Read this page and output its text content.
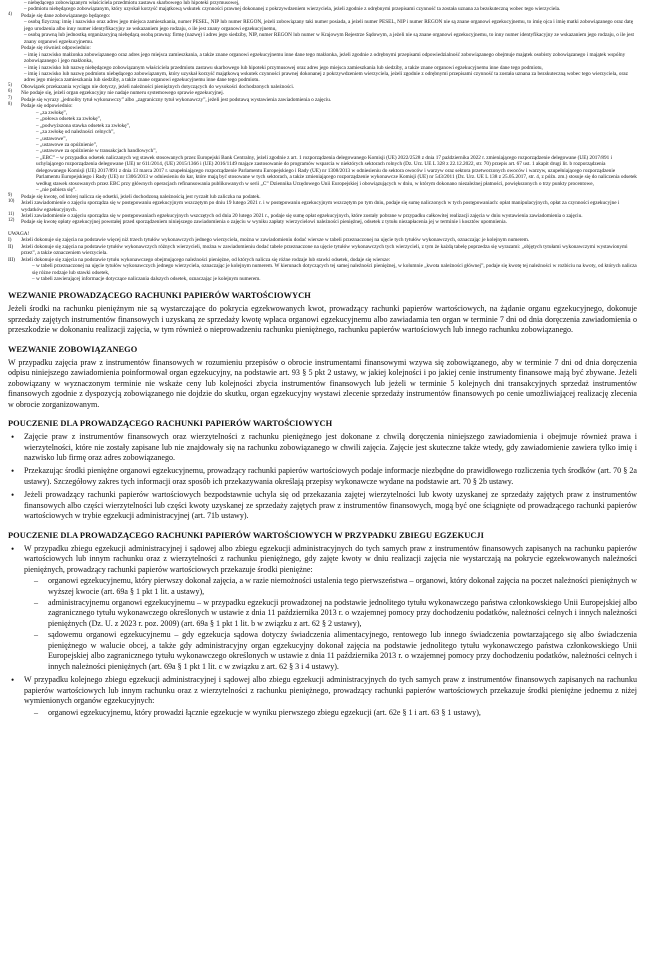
– niebędącego zobowiązanym właściciela przedmiotu zastawu skarbowego lub hipoteki przymusowej,
– podmiotu niebędącego zobowiązanym, który uzyskał korzyść majątkową wskutek czynności prawnej dokonanej z pokrzywdzeniem wierzyciela, jeżeli zgodnie z odrębnymi przepisami czynność ta została uznana za bezskuteczną wobec tego wierzyciela.
4)	Podaje się dane zobowiązanego będącego:
– osobą fizyczną: imię i nazwisko oraz adres jego miejsca zamieszkania, numer PESEL, NIP lub numer REGON, jeżeli zobowiązany taki numer posiada, a jeżeli numer PESEL, NIP i numer REGON nie są znane organowi egzekucyjnemu, to imię ojca i imię matki zobowiązanego oraz datę jego urodzenia albo inny numer identyfikacyjny ze wskazaniem jego rodzaju, o ile jest znany organowi egzekucyjnemu,
– osobą prawną lub jednostką organizacyjną niebędącą osobą prawną: firmę (nazwę) i adres jego siedziby, NIP, numer REGON lub numer w Krajowym Rejestrze Sądowym, a jeżeli nie są znane organowi egzekucyjnemu, to inny numer identyfikacyjny ze wskazaniem jego rodzaju, o ile jest znany organowi egzekucyjnemu.
Podaje się również odpowiednio:
– imię i nazwisko małżonka zobowiązanego oraz adres jego miejsca zamieszkania, a także znane organowi egzekucyjnemu inne dane tego małżonka, jeżeli zgodnie z odrębnymi przepisami odpowiedzialność zobowiązanego obejmuje majątek osobisty zobowiązanego i majątek wspólny zobowiązanego i jego małżonka,
– imię i nazwisko lub nazwę niebędącego zobowiązanym właściciela przedmiotu zastawu skarbowego lub hipoteki przymusowej oraz adres jego miejsca zamieszkania lub siedziby, a także znane organowi egzekucyjnemu inne dane tego podmiotu,
– imię i nazwisko lub nazwę podmiotu niebędącego zobowiązanym, który uzyskał korzyść majątkową wskutek czynności prawnej dokonanej z pokrzywdzeniem wierzyciela, jeżeli zgodnie z odrębnymi przepisami czynność ta została uznana za bezskuteczną wobec tego wierzyciela, oraz adres jego miejsca zamieszkania lub siedziby, a także znane organowi egzekucyjnemu inne dane tego podmiotu.
5)	Obowiązek przekazania wyciągu nie dotyczy, jeżeli należności pieniężnych dotyczących do wysokości dochodzonych należności.
6)	Nie podaje się, jeżeli organ egzekucyjny nie nadaje numeru systemowego sprawie egzekucyjnej.
7)	Podaje się wyrazy „jednolity tytuł wykonawczy” albo „zagraniczny tytuł wykonawczy”, jeżeli jest podstawą wystawienia zawiadomienia o zajęciu.
8)	Podaje się odpowiednio:
– „za zwłokę”,
– „połowa odsetek za zwłokę”,
– „podwyższona stawka odsetek za zwłokę”,
– „za zwłokę od należności celnych”,
– „ustawowe”,
– „ustawowe za opóźnienie”,
– „ustawowe za opóźnienie w transakcjach handlowych”,
– „EBC” – w przypadku odsetek naliczanych wg stawek stosowanych przez Europejski Bank Centralny, jeżeli zgodnie z art. 1 rozporządzenia delegowanego Komisji (UE) 2022/2528 z dnia 17 października 2022 r. zmieniającego rozporządzenie delegowane (UE) 2017/891 i uchylającego rozporządzenia delegowane (UE) nr 611/2014, (UE) 2015/1366 i (UE) 2016/1149 mające zastosowanie do programów wsparcia w niektórych sektorach rolnych (Dz. Urz. UE L 328 z 22.12.2022, str. 70) przepis art. 67 ust. 1 akapit drugi lit. b rozporządzenia delegowanego Komisji (UE) 2017/891 z dnia 13 marca 2017 r. uzupełniającego rozporządzenie Parlamentu Europejskiego i Rady (UE) nr 1308/2013 w odniesieniu do sektora owoców i warzyw oraz sektora przetworzonych owoców i warzyw, uzupełniającego rozporządzenie Parlamentu Europejskiego i Rady (UE) nr 1306/2013 w odniesieniu do kar, które mają być stosowane w tych sektorach, a także zmieniającego rozporządzenie wykonawcze Komisji (UE) nr 543/2011 (Dz. Urz. UE L 138 z 25.05.2017, str. 4, z późn. zm.) stosuje się do naliczenia odsetek według stawek stosowanych przez EBC przy głównych operacjach refinansowania publikowanych w serii „C” Dziennika Urzędowego Unii Europejskiej i obowiązujących w dniu, w którym dokonano niezależnej płatności, powiększonych o trzy punkty procentowe,
– „nie pobiera się”.
9)	Podaje się kwotę, od której nalicza się odsetki, jeżeli dochodzoną należnością jest ryczałt lub zaliczka na podatek.
10)	Jeżeli zawiadomienie o zajęciu sporządza się w postępowaniu egzekucyjnym wszczętym po dniu 19 lutego 2021 r. i w postępowaniu egzekucyjnym wszczętym po tym dniu, podaje się sumę naliczonych w tych postępowaniach: opłat manipulacyjnych, opłat za czynności egzekucyjne i wydatków egzekucyjnych.
11)	Jeżeli zawiadomienie o zajęciu sporządza się w postępowaniach egzekucyjnych wszczętych od dnia 20 lutego 2021 r., podaje się sumę opłat egzekucyjnych, które zostały pobrane w przypadku całkowitej realizacji zajęcia w dniu wystawienia zawiadomienia o zajęciu.
12)	Podaje się kwotę opłaty egzekucyjnej powstałej przed sporządzeniem niniejszego zawiadomienia o zajęciu w wyniku zapłaty wierzycielowi należności pieniężnej, odsetek z tytułu niezapłacenia jej w terminie i kosztów upomnienia.
UWAGA!
I)	Jeżeli dokonuje się zajęcia na podstawie więcej niż trzech tytułów wykonawczych jednego wierzyciela, można w zawiadomieniu dodać wiersze w tabeli przeznaczonej na ujęcie tych tytułów wykonawczych, oznaczając je kolejnym numerem.
II)	Jeżeli dokonuje się zajęcia na podstawie tytułów wykonawczych różnych wierzycieli, można w zawiadomieniu dodać tabele przeznaczone na ujęcie tytułów wykonawczych tych wierzycieli, z tym że każdą tabelę poprzedza się wyrazami: „objętych tytułami wykonawczymi wystawionymi przez”, a także oznaczeniem wierzyciela.
III)	Jeżeli dokonuje się zajęcia na podstawie tytułu wykonawczego obejmującego należności pieniężne, od których nalicza się różne rodzaje lub stawki odsetek, dodaje się wiersze:
– w tabeli przeznaczonej na ujęcie tytułów wykonawczych jednego wierzyciela, oznaczając je kolejnym numerem. W kierunach dotyczących tej samej należności pieniężnej, w kolumnie „kwota należności głównej”, podaje się kwotę tej należności w rozbiciu na kwoty, od których nalicza się różne rodzaje lub stawki odsetek,
– w tabeli zawierającej informacje dotyczące naliczania dalszych odsetek, oznaczając je kolejnym numerem.
WEZWANIE PROWADZĄCEGO RACHUNKI PAPIERÓW WARTOŚCIOWYCH

Jeżeli środki na rachunku pieniężnym nie są wystarczające do pokrycia egzekwowanych kwot, prowadzący rachunki papierów wartościowych, na żądanie organu egzekucyjnego, dokonuje sprzedaży zajętych instrumentów finansowych i uzyskaną ze sprzedaży kwotę wpłaca organowi egzekucyjnemu albo zawiadamia ten organ w terminie 7 dni od dnia doręczenia zawiadomienia o przeszkodzie w dokonaniu realizacji zajęcia, w tym również o nieprowadzeniu rachunku pieniężnego, rachunku papierów wartościowych lub innego rachunku zobowiązanego.

WEZWANIE ZOBOWIĄZANEGO

W przypadku zajęcia praw z instrumentów finansowych w rozumieniu przepisów o obrocie instrumentami finansowymi wzywa się zobowiązanego, aby w terminie 7 dni od dnia doręczenia odpisu niniejszego zawiadomienia poinformował organ egzekucyjny, na podstawie art. 93 § 5 pkt 2 ustawy, w jakiej kolejności i po jakiej cenie instrumenty finansowe mają być zbywane. Jeżeli zobowiązany w wyznaczonym terminie nie wskaże ceny lub kolejności zbycia instrumentów finansowych lub jeżeli w terminie 5 kolejnych dni transakcyjnych sprzedaż instrumentów finansowych zgodnie z dyspozycją zobowiązanego nie dojdzie do skutku, organ egzekucyjny wystawi zlecenie sprzedaży instrumentów finansowych po cenie umożliwiającej realizację zlecenia w obrocie zorganizowanym.

POUCZENIE DLA PROWADZĄCEGO RACHUNKI PAPIERÓW WARTOŚCIOWYCH
• Zajęcie praw z instrumentów finansowych oraz wierzytelności z rachunku pieniężnego jest dokonane z chwilą doręczenia niniejszego zawiadomienia i obejmuje również prawa i wierzytelności, które nie zostały zapisane lub nie znajdowały się na rachunku zobowiązanego w chwili zajęcia. Zajęcie jest skuteczne także wtedy, gdy zawiadomienie zawiera tylko imię i nazwisko lub firmę oraz adres zobowiązanego.
• Przekazując środki pieniężne organowi egzekucyjnemu, prowadzący rachunki papierów wartościowych podaje informacje niezbędne do prawidłowego rozliczenia tych środków (art. 70 § 2a ustawy). Szczegółowy zakres tych informacji oraz sposób ich przekazywania określają przepisy wykonawcze wydane na podstawie art. 70 § 2b ustawy.
• Jeżeli prowadzący rachunki papierów wartościowych bezpodstawnie uchyla się od przekazania zajętej wierzytelności lub kwoty uzyskanej ze sprzedaży zajętych praw z instrumentów finansowych albo części wierzytelności lub części kwoty uzyskanej ze sprzedaży zajętych praw z instrumentów finansowych, mogą być one ściągnięte od prowadzącego rachunki papierów wartościowych w trybie egzekucji administracyjnej (art. 71b ustawy).
POUCZENIE DLA PROWADZĄCEGO RACHUNKI PAPIERÓW WARTOŚCIOWYCH W PRZYPADKU ZBIEGU EGZEKUCJI
• W przypadku zbiegu egzekucji administracyjnej i sądowej albo zbiegu egzekucji administracyjnych do tych samych praw z instrumentów finansowych zapisanych na rachunku papierów wartościowych lub innym rachunku oraz z wierzytelności z rachunku pieniężnego, gdy zajęte kwoty w dniu realizacji zajęcia nie wystarczają na pokrycie egzekwowanych należności pieniężnych, prowadzący rachunki papierów wartościowych przekazuje środki pieniężne:
– organowi egzekucyjnemu, który pierwszy dokonał zajęcia, a w razie niemożności ustalenia tego pierwszeństwa – organowi, który dokonał zajęcia na poczet należności pieniężnych w wyższej kwocie (art. 69a § 1 pkt 1 lit. a ustawy),
– administracyjnemu organowi egzekucyjnemu – w przypadku egzekucji prowadzonej na podstawie jednolitego tytułu wykonawczego państwa członkowskiego Unii Europejskiej albo zagranicznego tytułu wykonawczego określonych w ustawie z dnia 11 października 2013 r. o wzajemnej pomocy przy dochodzeniu podatków, należności celnych i innych należności pieniężnych (Dz. U. z 2023 r. poz. 2009) (art. 69a § 1 pkt 1 lit. b w związku z art. 62 § 2 ustawy),
– sądowemu organowi egzekucyjnemu – gdy egzekucja sądowa dotyczy świadczenia alimentacyjnego, rentowego lub innego świadczenia powtarzającego się albo świadczenia pieniężnego w walucie obcej, a także gdy administracyjny organ egzekucyjny dokonał zajęcia na podstawie jednolitego tytułu wykonawczego państwa członkowskiego Unii Europejskiej albo zagranicznego tytułu wykonawczego określonych w ustawie z dnia 11 października 2013 r. o wzajemnej pomocy przy dochodzeniu podatków, należności celnych i innych należności pieniężnych (art. 69a § 1 pkt 1 lit. c w związku z art. 62 § 3 i 4 ustawy).
• W przypadku kolejnego zbiegu egzekucji administracyjnej i sądowej albo zbiegu egzekucji administracyjnych do tych samych praw z instrumentów finansowych zapisanych na rachunku papierów wartościowych lub innym rachunku oraz z wierzytelności z rachunku pieniężnego, prowadzący rachunki papierów wartościowych przekazuje środki pieniężne jednemu z niżej wymienionych organów egzekucyjnych:
– organowi egzekucyjnemu, który prowadzi łącznie egzekucje w wyniku pierwszego zbiegu egzekucji (art. 62e § 1 i art. 63 § 1 ustawy),
